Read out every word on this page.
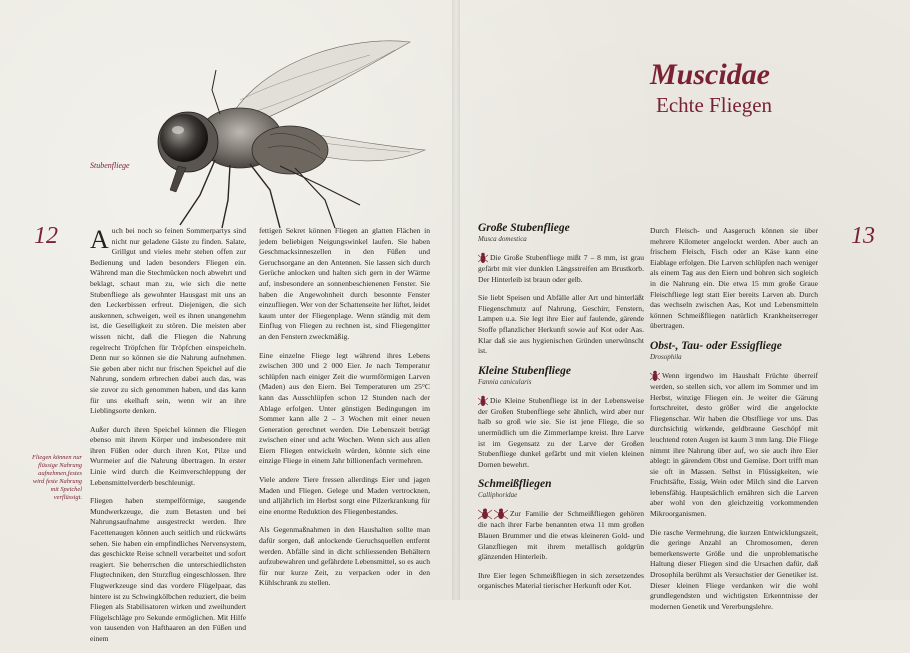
Stubenfliege
12	13
Muscidae
Echte Fliegen
Fliegen können nur flüssige Nahrung aufnehmen,festes wird feste Nahrung mit Speichel verflüssigt.

Auch bei noch so feinen Sommerpartys sind nicht nur geladene Gäste zu finden. Salate, Grillgut und vieles mehr stehen offen zur Bedienung und laden besonders Fliegen ein. Während man die Stechmücken noch abwehrt und beklagt, schaut man zu, wie sich die nette Stubenfliege als gewohnter Hausgast mit uns an den Leckerbissen erfreut. Diejenigen, die sich auskennen, schweigen, weil es ihnen unangenehm ist, die Geselligkeit zu stören. Die meisten aber wissen nicht, daß die Fliegen die Nahrung regelrecht Tröpfchen für Tröpfchen einspeicheln. Denn nur so können sie die Nahrung aufnehmen. Sie geben aber nicht nur frischen Speichel auf die Nahrung, sondern erbrechen dabei auch das, was sie zuvor zu sich genommen haben, und das kann für uns ekelhaft sein, wenn wir an ihre Lieblingsorte denken.

Außer durch ihren Speichel können die Fliegen ebenso mit ihrem Körper und insbesondere mit ihren Füßen oder durch ihren Kot, Pilze und Wurmeier auf die Nahrung übertragen. In erster Linie wird durch die Keimverschleppung der Lebensmittelverderb beschleunigt.

Fliegen haben stempelförmige, saugende Mundwerkzeuge, die zum Betasten und bei Nahrungsaufnahme ausgestreckt werden. Ihre Facettenaugen können auch seitlich und rückwärts sehen. Sie haben ein empfindliches Nervensystem, das geschickte Reise schnell verarbeitet und sofort reagiert. Sie beherrschen die unterschiedlichsten Flugtechniken, den Sturzflug eingeschlossen. Ihre Flugwerkzeuge sind das vordere Flügelpaar, das hintere ist zu Schwingkölbchen reduziert, die beim Fliegen als Stabilisatoren wirken und zweihundert Flügelschläge pro Sekunde ermöglichen. Mit Hilfe von tausenden von Hafthaaren an den Füßen und einem

fettigen Sekret können Fliegen an glatten Flächen in jedem beliebigen Neigungswinkel laufen. Sie haben Geschmacksinneszellen in den Füßen und Geruchsorgane an den Antennen. Sie lassen sich durch Gerüche anlocken und halten sich gern in der Wärme auf, insbesondere an sonnenbeschienenen Fenster. Sie haben die Angewohnheit durch besonnte Fenster einzufliegen. Wer von der Schattenseite her lüftet, leidet kaum unter der Fliegenplage. Wenn ständig mit dem Einflug von Fliegen zu rechnen ist, sind Fliegengitter an den Fenstern zweckmäßig.

Eine einzelne Fliege legt während ihres Lebens zwischen 300 und 2 000 Eier. Je nach Temperatur schlüpfen nach einiger Zeit die wurmförmigen Larven (Maden) aus den Eiern. Bei Temperaturen um 25°C kann das Ausschlüpfen schon 12 Stunden nach der Ablage erfolgen. Unter günstigen Bedingungen im Sommer kann alle 2 – 3 Wochen mit einer neuen Generation gerechnet werden. Die Lebenszeit beträgt zwischen einer und acht Wochen. Wenn sich aus allen Eiern Fliegen entwickeln würden, könnte sich eine einzige Fliege in einem Jahr billionenfach vermehren.

Viele andere Tiere fressen allerdings Eier und jagen Maden und Fliegen. Gelege und Maden vertrocknen, und alljährlich im Herbst sorgt eine Pilzerkrankung für eine enorme Reduktion des Fliegenbestandes.

Als Gegenmaßnahmen in den Haushalten sollte man dafür sorgen, daß anlockende Geruchsquellen entfernt werden. Abfälle sind in dicht schliessenden Behältern aufzubewahren und gefährdete Lebensmittel, so es auch für nur kurze Zeit, zu verpacken oder in den Kühlschrank zu stellen.

Große Stubenfliege
Musca domestica

Die Große Stubenfliege mißt 7 – 8 mm, ist grau gefärbt mit vier dunklen Längsstreifen am Brustkorb. Der Hinterleib ist braun oder gelb.

Sie liebt Speisen und Abfälle aller Art und hinterläßt Fliegenschmutz auf Nahrung, Geschirr, Fenstern, Lampen u.a. Sie legt ihre Eier auf faulende, gärende Stoffe pflanzlicher Herkunft sowie auf Kot oder Aas. Klar daß sie aus hygienischen Gründen unerwünscht ist.

Kleine Stubenfliege
Fannia canicularis

Die Kleine Stubenfliege ist in der Lebensweise der Großen Stubenfliege sehr ähnlich, wird aber nur halb so groß wie sie. Sie ist jene Fliege, die so unermüdlich um die Zimmerlampe kreist. Ihre Larve ist im Gegensatz zu der Larve der Großen Stubenfliege dunkel gefärbt und mit vielen kleinen Dornen bewehrt.

Schmeißfliegen
Calliphoridae

Zur Familie der Schmeißfliegen gehören die nach ihrer Farbe benannten etwa 11 mm großen Blauen Brummer und die etwas kleineren Gold- und Glanzfliegen mit ihrem metallisch goldgrün glänzenden Hinterleib.

Ihre Eier legen Schmeißfliegen in sich zersetzendes organisches Material tierischer Herkunft oder Kot.

Durch Fleisch- und Aasgeruch können sie über mehrere Kilometer angelockt werden. Aber auch an frischem Fleisch, Fisch oder an Käse kann eine Eiablage erfolgen. Die Larven schlüpfen nach weniger als einem Tag aus den Eiern und bohren sich sogleich in die Nahrung ein. Die etwa 15 mm große Graue Fleischfliege legt statt Eier bereits Larven ab. Durch das wechseln zwischen Aas, Kot und Lebensmitteln können Schmeißfliegen natürlich Krankheitserreger übertragen.

Obst-, Tau- oder Essigfliege
Drosophila

Wenn irgendwo im Haushalt Früchte überreif werden, so stellen sich, vor allem im Sommer und im Herbst, winzige Fliegen ein. Je weiter die Gärung fortschreitet, desto größer wird die angelockte Fliegenschar. Wir haben die Obstfliege vor uns. Das durchsichtig wirkende, geldbraune Geschöpf mit leuchtend roten Augen ist kaum 3 mm lang. Die Fliege nimmt ihre Nahrung über auf, wo sie auch ihre Eier ablegt: in gärendem Obst und Gemüse. Dort trifft man sie oft in Massen. Selbst in Flüssigkeiten, wie Fruchtsäfte, Essig, Wein oder Milch sind die Larven lebensfähig. Hauptsächlich ernähren sich die Larven aber wohl von den gleichzeitig vorkommenden Mikroorganismen.

Die rasche Vermehrung, die kurzen Entwicklungszeit, die geringe Anzahl an Chromosomen, deren bemerkenswerte Größe und die unproblematische Haltung dieser Fliegen sind die Ursachen dafür, daß Drosophila berühmt als Versuchstier der Genetiker ist. Dieser kleinen Fliege verdanken wir die wohl grundlegendsten und wichtigsten Erkenntnisse der modernen Genetik und Vererbungslehre.
